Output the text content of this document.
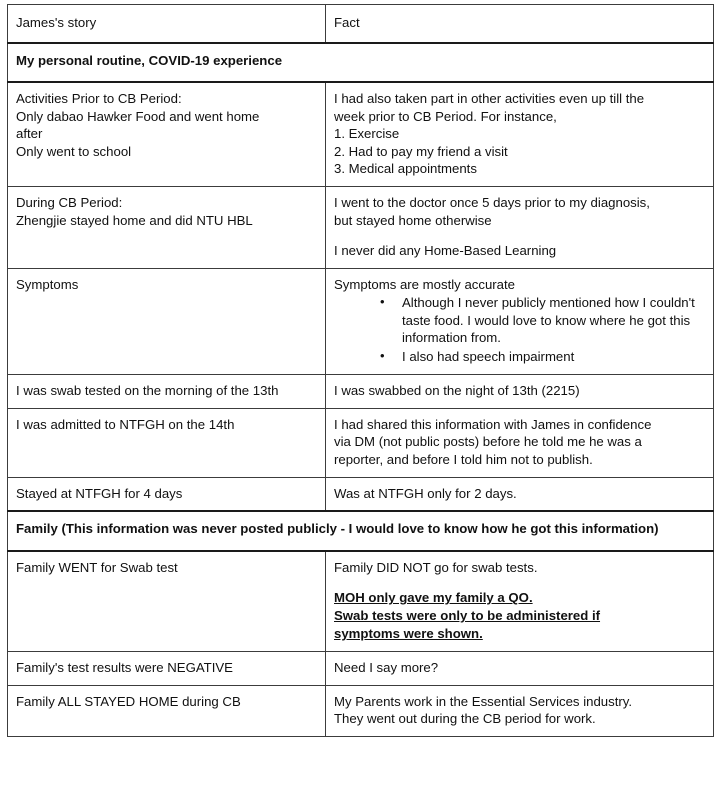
James's story	Fact
My personal routine, COVID-19 experience	

Activities Prior to CB Period:
Only dabao Hawker Food and went home
after
Only went to school	I had also taken part in other activities even up till the
week prior to CB Period. For instance,
1. Exercise
2. Had to pay my friend a visit
3. Medical appointments

During CB Period:
Zhengjie stayed home and did NTU HBL	I went to the doctor once 5 days prior to my diagnosis,
but stayed home otherwise
I never did any Home-Based Learning

Symptoms	Symptoms are mostly accurate
• Although I never publicly mentioned how I couldn't taste food. I would love to know where he got this information from.
• I also had speech impairment

I was swab tested on the morning of the 13th	I was swabbed on the night of 13th (2215)

I was admitted to NTFGH on the 14th	I had shared this information with James in confidence
via DM (not public posts) before he told me he was a
reporter, and before I told him not to publish.

Stayed at NTFGH for 4 days	Was at NTFGH only for 2 days.

Family (This information was never posted publicly - I would love to know how he got this information)	

Family WENT for Swab test	Family DID NOT go for swab tests.
MOH only gave my family a QO.
Swab tests were only to be administered if
symptoms were shown.

Family's test results were NEGATIVE	Need I say more?

Family ALL STAYED HOME during CB	My Parents work in the Essential Services industry.
They went out during the CB period for work.
